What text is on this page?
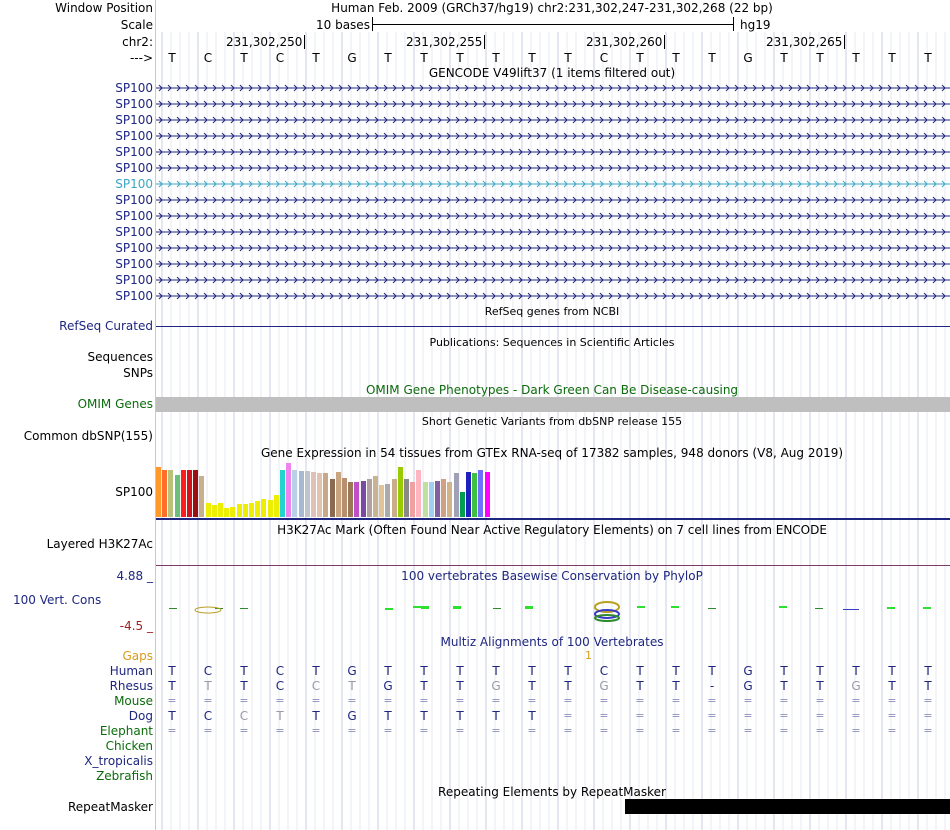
Window Position	Human Feb. 2009 (GRCh37/hg19) chr2:231,302,247-231,302,268 (22 bp)
Scale	10 bases	hg19
chr2:	231,302,250	231,302,255	231,302,260	231,302,265
---> T C T C T G T T T T T T C T T T G T T T T T
GENCODE V49lift37 (1 items filtered out)
SP100
SP100
SP100
SP100
SP100
SP100
SP100
SP100
SP100
SP100
SP100
SP100
SP100
SP100
RefSeq genes from NCBI
RefSeq Curated
Publications: Sequences in Scientific Articles
Sequences
SNPs
OMIM Gene Phenotypes - Dark Green Can Be Disease-causing
OMIM Genes
Short Genetic Variants from dbSNP release 155
Common dbSNP(155)
Gene Expression in 54 tissues from GTEx RNA-seq of 17382 samples, 948 donors (V8, Aug 2019)
SP100
H3K27Ac Mark (Often Found Near Active Regulatory Elements) on 7 cell lines from ENCODE
Layered H3K27Ac
100 vertebrates Basewise Conservation by PhyloP
4.88 _
100 Vert. Cons
-4.5 _
Multiz Alignments of 100 Vertebrates
Gaps	1
Human T C T C T G T T T T T T C T T T G T T T T T
Rhesus T T T C C T G T T G T T G T T	-	G T T G T T
Mouse = = = = = = = = = = = = = = = = = = = = = =
Dog T C C T T G T T T T T	= = = = = = = = = = =
Elephant = = = = = = = = = = = = = = = = = = = = = =
Chicken
X_tropicalis
Zebrafish
Repeating Elements by RepeatMasker
RepeatMasker
